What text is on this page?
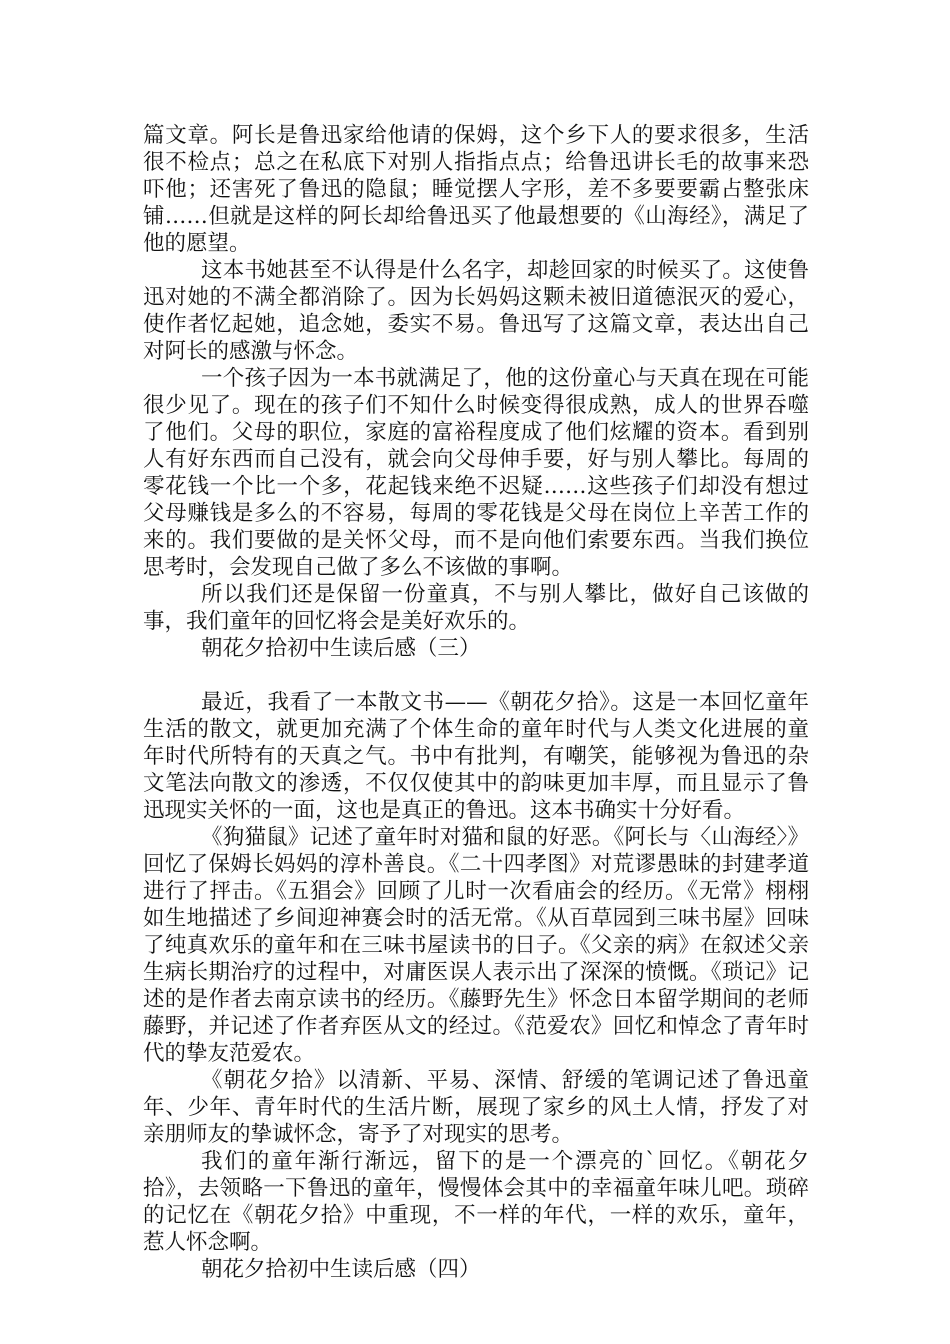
篇文章。阿长是鲁迅家给他请的保姆，这个乡下人的要求很多，生活很不检点；总之在私底下对别人指指点点；给鲁迅讲长毛的故事来恐吓他；还害死了鲁迅的隐鼠；睡觉摆人字形，差不多要要霸占整张床铺……但就是这样的阿长却给鲁迅买了他最想要的《山海经》，满足了他的愿望。

这本书她甚至不认得是什么名字，却趁回家的时候买了。这使鲁迅对她的不满全都消除了。因为长妈妈这颗未被旧道德泯灭的爱心，使作者忆起她，追念她，委实不易。鲁迅写了这篇文章，表达出自己对阿长的感激与怀念。

一个孩子因为一本书就满足了，他的这份童心与天真在现在可能很少见了。现在的孩子们不知什么时候变得很成熟，成人的世界吞噬了他们。父母的职位，家庭的富裕程度成了他们炫耀的资本。看到别人有好东西而自己没有，就会向父母伸手要，好与别人攀比。每周的零花钱一个比一个多，花起钱来绝不迟疑……这些孩子们却没有想过父母赚钱是多么的不容易，每周的零花钱是父母在岗位上辛苦工作的来的。我们要做的是关怀父母，而不是向他们索要东西。当我们换位思考时，会发现自己做了多么不该做的事啊。

所以我们还是保留一份童真，不与别人攀比，做好自己该做的事，我们童年的回忆将会是美好欢乐的。

朝花夕拾初中生读后感（三）

最近，我看了一本散文书——《朝花夕拾》。这是一本回忆童年生活的散文，就更加充满了个体生命的童年时代与人类文化进展的童年时代所特有的天真之气。书中有批判，有嘲笑，能够视为鲁迅的杂文笔法向散文的渗透，不仅仅使其中的韵味更加丰厚，而且显示了鲁迅现实关怀的一面，这也是真正的鲁迅。这本书确实十分好看。

《狗猫鼠》记述了童年时对猫和鼠的好恶。《阿长与〈山海经〉》回忆了保姆长妈妈的淳朴善良。《二十四孝图》对荒谬愚昧的封建孝道进行了抨击。《五猖会》回顾了儿时一次看庙会的经历。《无常》栩栩如生地描述了乡间迎神赛会时的活无常。《从百草园到三味书屋》回味了纯真欢乐的童年和在三味书屋读书的日子。《父亲的病》在叙述父亲生病长期治疗的过程中，对庸医误人表示出了深深的愤慨。《琐记》记述的是作者去南京读书的经历。《藤野先生》怀念日本留学期间的老师藤野，并记述了作者弃医从文的经过。《范爱农》回忆和悼念了青年时代的挚友范爱农。

《朝花夕拾》以清新、平易、深情、舒缓的笔调记述了鲁迅童年、少年、青年时代的生活片断，展现了家乡的风土人情，抒发了对亲朋师友的挚诚怀念，寄予了对现实的思考。

我们的童年渐行渐远，留下的是一个漂亮的`回忆。《朝花夕拾》，去领略一下鲁迅的童年，慢慢体会其中的幸福童年味儿吧。琐碎的记忆在《朝花夕拾》中重现，不一样的年代，一样的欢乐，童年，惹人怀念啊。

朝花夕拾初中生读后感（四）
